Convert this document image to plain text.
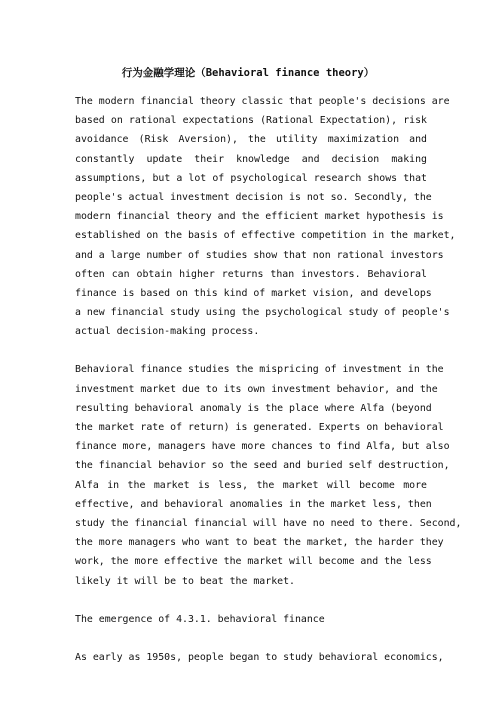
行为金融学理论（Behavioral finance theory）
The modern financial theory classic that people's decisions are
based on rational expectations (Rational Expectation), risk
avoidance (Risk Aversion), the utility maximization and
constantly update their knowledge and decision making
assumptions, but a lot of psychological research shows that
people's actual investment decision is not so. Secondly, the
modern financial theory and the efficient market hypothesis is
established on the basis of effective competition in the market,
and a large number of studies show that non rational investors
often can obtain higher returns than investors. Behavioral
finance is based on this kind of market vision, and develops
a new financial study using the psychological study of people's
actual decision-making process.
Behavioral finance studies the mispricing of investment in the
investment market due to its own investment behavior, and the
resulting behavioral anomaly is the place where Alfa (beyond
the market rate of return) is generated. Experts on behavioral
finance more, managers have more chances to find Alfa, but also
the financial behavior so the seed and buried self destruction,
Alfa in the market is less, the market will become more
effective, and behavioral anomalies in the market less, then
study the financial financial will have no need to there. Second,
the more managers who want to beat the market, the harder they
work, the more effective the market will become and the less
likely it will be to beat the market.
The emergence of 4.3.1. behavioral finance
As early as 1950s, people began to study behavioral economics,
